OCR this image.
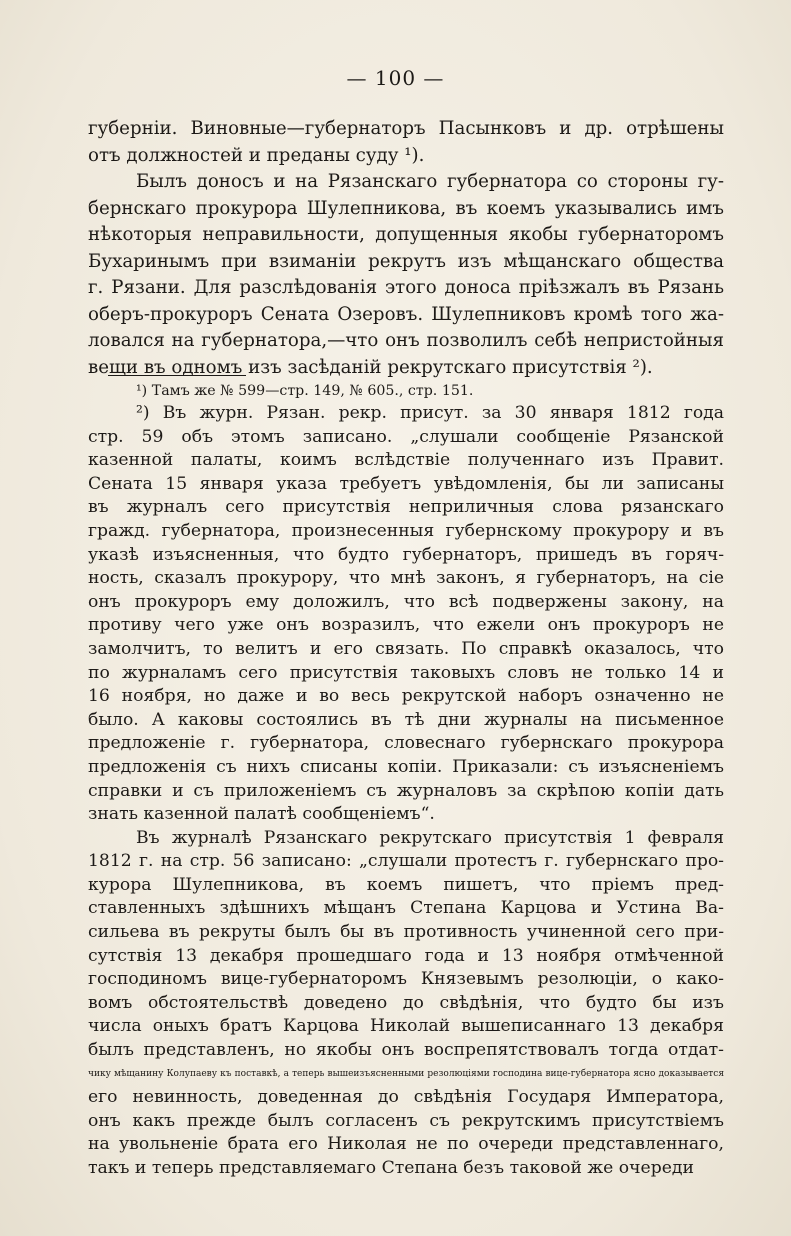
— 100 —
губерніи. Виновные—губернаторъ Пасынковъ и др. отрѣшены
отъ должностей и преданы суду ¹).
Былъ доносъ и на Рязанскаго губернатора со стороны гу-
бернскаго прокурора Шулепникова, въ коемъ указывались имъ
нѣкоторыя неправильности, допущенныя якобы губернаторомъ
Бухаринымъ при взиманіи рекрутъ изъ мѣщанскаго общества
г. Рязани. Для разслѣдованія этого доноса пріѣзжалъ въ Рязань
оберъ-прокуроръ Сената Озеровъ. Шулепниковъ кромѣ того жа-
ловался на губернатора,—что онъ позволилъ себѣ непристойныя
вещи въ одномъ изъ засѣданій рекрутскаго присутствія ²).
¹) Тамъ же № 599—стр. 149, № 605., стр. 151.
²) Въ журн. Рязан. рекр. присут. за 30 января 1812 года
стр. 59 объ этомъ записано. „слушали сообщеніе Рязанской
казенной палаты, коимъ вслѣдствіе полученнаго изъ Правит.
Сената 15 января указа требуетъ увѣдомленія, бы ли записаны
въ журналъ сего присутствія неприличныя слова рязанскаго
гражд. губернатора, произнесенныя губернскому прокурору и въ
указѣ изъясненныя, что будто губернаторъ, пришедъ въ горяч-
ность, сказалъ прокурору, что мнѣ законъ, я губернаторъ, на сіе
онъ прокуроръ ему доложилъ, что всѣ подвержены закону, на
противу чего уже онъ возразилъ, что ежели онъ прокуроръ не
замолчитъ, то велитъ и его связать. По справкѣ оказалось, что
по журналамъ сего присутствія таковыхъ словъ не только 14 и
16 ноября, но даже и во весь рекрутской наборъ означенно не
было. А каковы состоялись въ тѣ дни журналы на письменное
предложеніе г. губернатора, словеснаго губернскаго прокурора
предложенія съ нихъ списаны копіи. Приказали: съ изъясненіемъ
справки и съ приложеніемъ съ журналовъ за скрѣпою копіи дать
знать казенной палатѣ сообщеніемъ“.
Въ журналѣ Рязанскаго рекрутскаго присутствія 1 февраля
1812 г. на стр. 56 записано: „слушали протестъ г. губернскаго про-
курора Шулепникова, въ коемъ пишетъ, что пріемъ пред-
ставленныхъ здѣшнихъ мѣщанъ Степана Карцова и Устина Ва-
сильева въ рекруты былъ бы въ противность учиненной сего при-
сутствія 13 декабря прошедшаго года и 13 ноября отмѣченной
господиномъ вице-губернаторомъ Князевымъ резолюціи, о како-
вомъ обстоятельствѣ доведено до свѣдѣнія, что будто бы изъ
числа оныхъ братъ Карцова Николай вышеписаннаго 13 декабря
былъ представленъ, но якобы онъ воспрепятствовалъ тогда отдат-
чику мѣщанину Колупаеву къ поставкѣ, а теперь вышеизъясненными резолюціями господина вице-губернатора ясно доказывается
его невинность, доведенная до свѣдѣнія Государя Императора,
онъ какъ прежде былъ согласенъ съ рекрутскимъ присутствіемъ
на увольненіе брата его Николая не по очереди представленнаго,
такъ и теперь представляемаго Степана безъ таковой же очереди
